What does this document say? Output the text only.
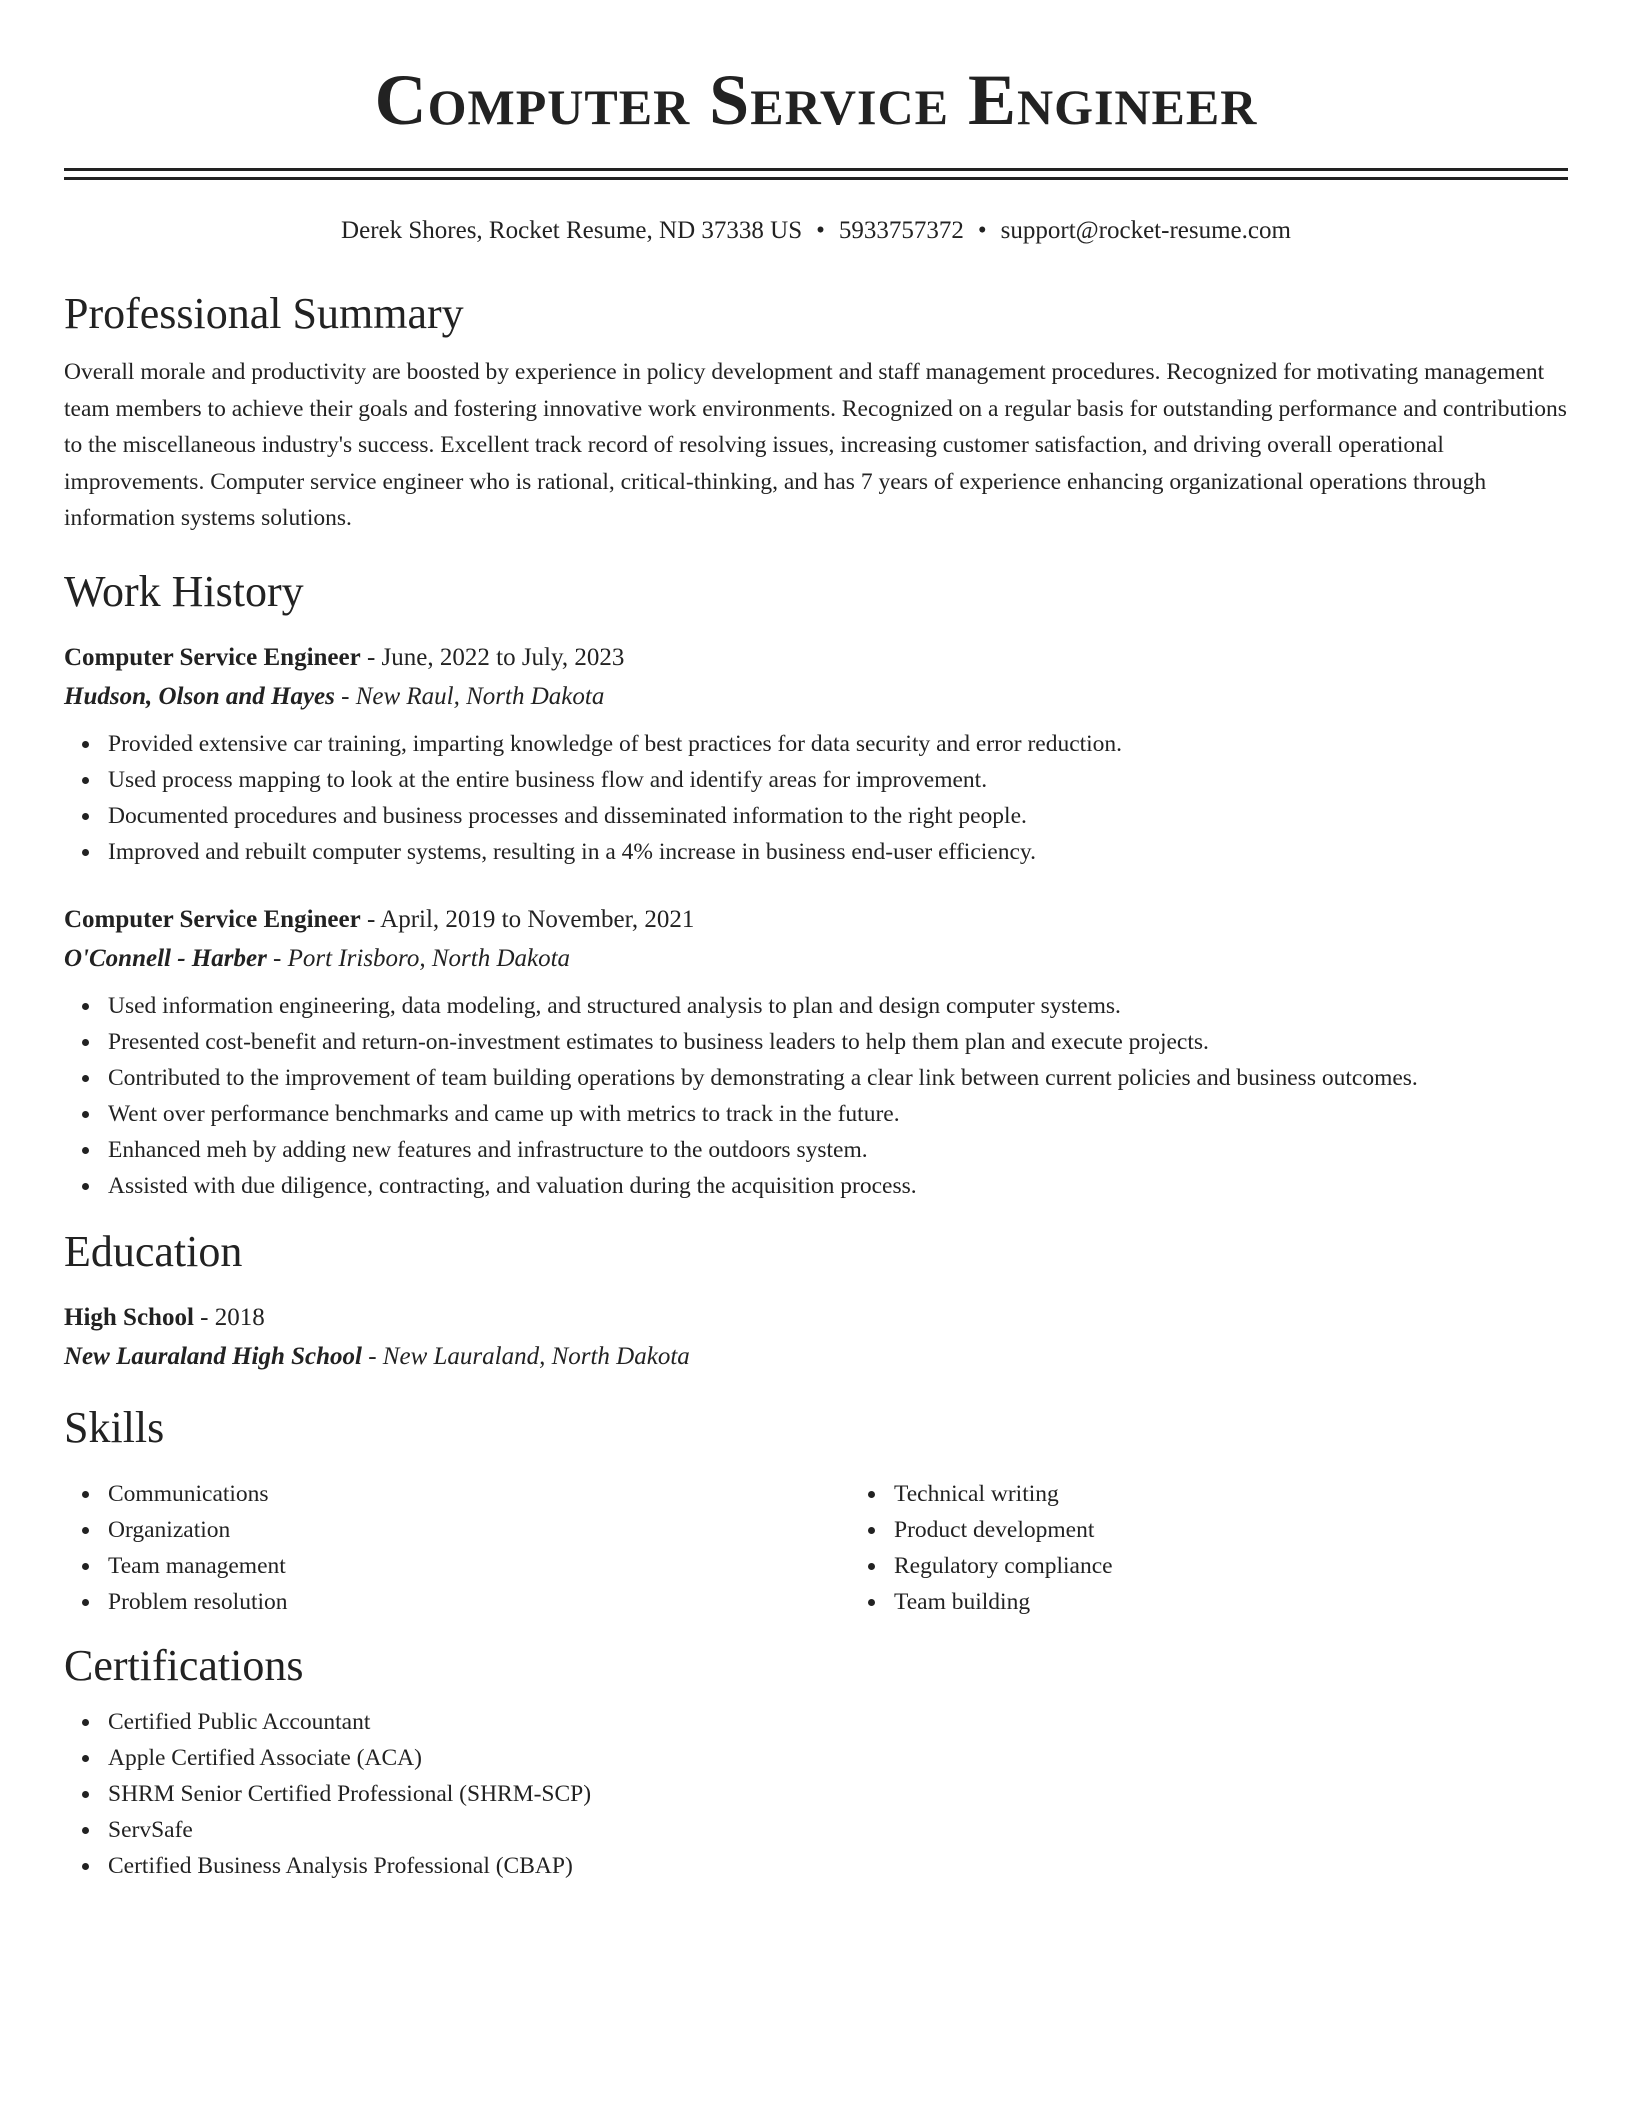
Computer Service Engineer
Derek Shores, Rocket Resume, ND 37338 US • 5933757372 • support@rocket-resume.com
Professional Summary

Overall morale and productivity are boosted by experience in policy development and staff management procedures. Recognized for motivating management team members to achieve their goals and fostering innovative work environments. Recognized on a regular basis for outstanding performance and contributions to the miscellaneous industry's success. Excellent track record of resolving issues, increasing customer satisfaction, and driving overall operational improvements. Computer service engineer who is rational, critical-thinking, and has 7 years of experience enhancing organizational operations through information systems solutions.

Work History
Computer Service Engineer - June, 2022 to July, 2023
Hudson, Olson and Hayes - New Raul, North Dakota
Provided extensive car training, imparting knowledge of best practices for data security and error reduction.
Used process mapping to look at the entire business flow and identify areas for improvement.
Documented procedures and business processes and disseminated information to the right people.
Improved and rebuilt computer systems, resulting in a 4% increase in business end-user efficiency.
Computer Service Engineer - April, 2019 to November, 2021
O'Connell - Harber - Port Irisboro, North Dakota
Used information engineering, data modeling, and structured analysis to plan and design computer systems.
Presented cost-benefit and return-on-investment estimates to business leaders to help them plan and execute projects.
Contributed to the improvement of team building operations by demonstrating a clear link between current policies and business outcomes.
Went over performance benchmarks and came up with metrics to track in the future.
Enhanced meh by adding new features and infrastructure to the outdoors system.
Assisted with due diligence, contracting, and valuation during the acquisition process.
Education
High School - 2018
New Lauraland High School - New Lauraland, North Dakota
Skills
Communications
Organization
Team management
Problem resolution
Technical writing
Product development
Regulatory compliance
Team building
Certifications
Certified Public Accountant
Apple Certified Associate (ACA)
SHRM Senior Certified Professional (SHRM-SCP)
ServSafe
Certified Business Analysis Professional (CBAP)
